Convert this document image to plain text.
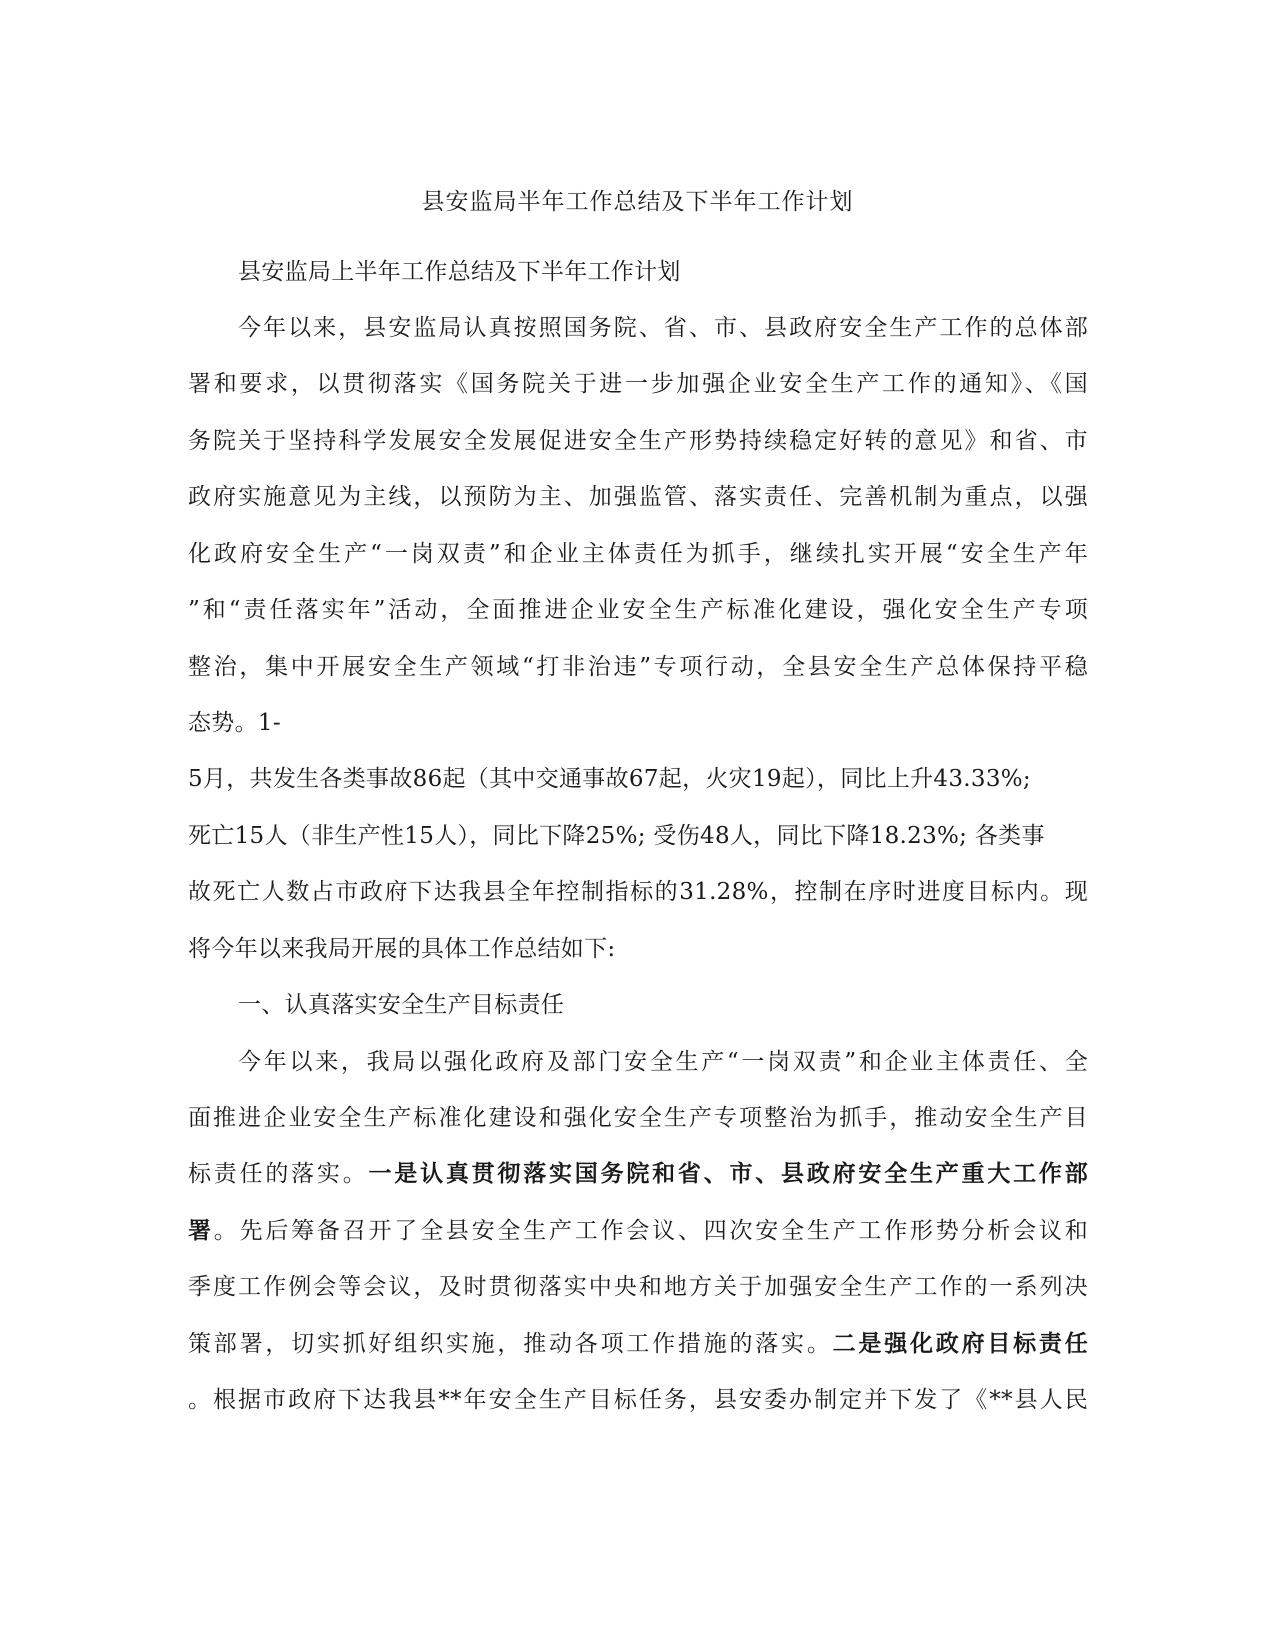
县安监局半年工作总结及下半年工作计划
县安监局上半年工作总结及下半年工作计划
今年以来，县安监局认真按照国务院、省、市、县政府安全生产工作的总体部
署和要求，以贯彻落实《国务院关于进一步加强企业安全生产工作的通知》、《国
务院关于坚持科学发展安全发展促进安全生产形势持续稳定好转的意见》和省、市
政府实施意见为主线，以预防为主、加强监管、落实责任、完善机制为重点，以强
化政府安全生产“一岗双责”和企业主体责任为抓手，继续扎实开展“安全生产年
”和“责任落实年”活动，全面推进企业安全生产标准化建设，强化安全生产专项
整治，集中开展安全生产领域“打非治违”专项行动，全县安全生产总体保持平稳
态势。1-
5月，共发生各类事故86起（其中交通事故67起，火灾19起），同比上升43.33%;
死亡15人（非生产性15人），同比下降25%; 受伤48人，同比下降18.23%; 各类事
故死亡人数占市政府下达我县全年控制指标的31.28%，控制在序时进度目标内。现
将今年以来我局开展的具体工作总结如下:
一、认真落实安全生产目标责任
今年以来，我局以强化政府及部门安全生产“一岗双责”和企业主体责任、全
面推进企业安全生产标准化建设和强化安全生产专项整治为抓手，推动安全生产目
标责任的落实。一是认真贯彻落实国务院和省、市、县政府安全生产重大工作部
署。先后筹备召开了全县安全生产工作会议、四次安全生产工作形势分析会议和
季度工作例会等会议，及时贯彻落实中央和地方关于加强安全生产工作的一系列决
策部署，切实抓好组织实施，推动各项工作措施的落实。二是强化政府目标责任
。根据市政府下达我县**年安全生产目标任务，县安委办制定并下发了《**县人民
